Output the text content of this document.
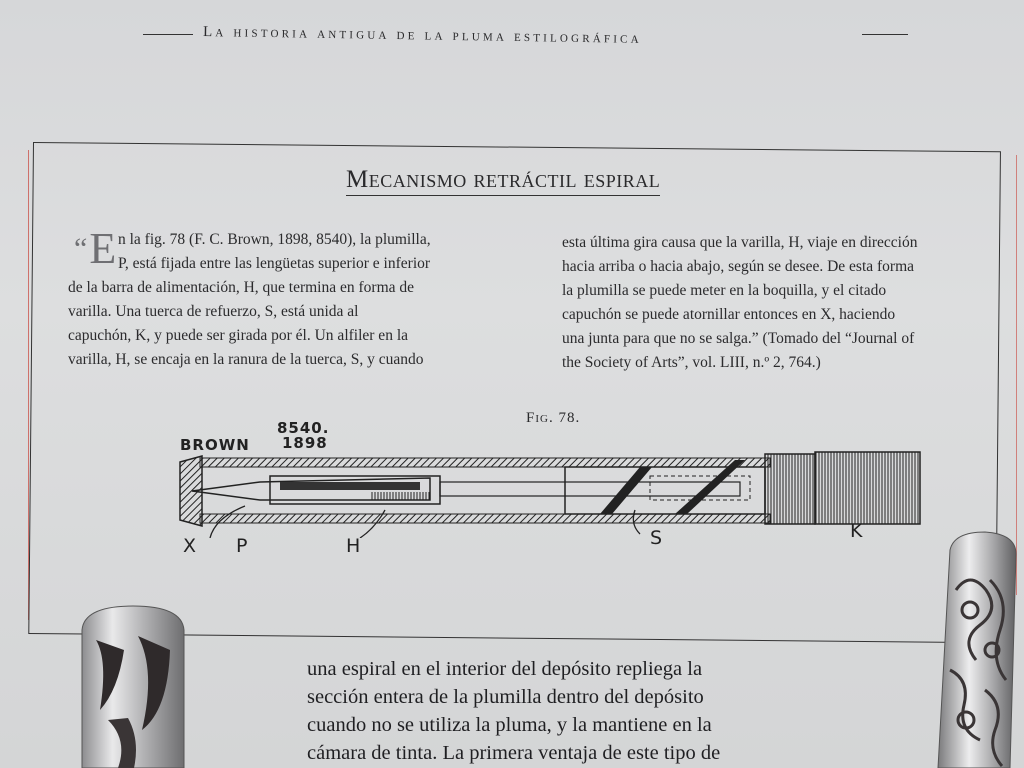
La historia antigua de la pluma estilográfica
Mecanismo retráctil espiral
“E n la fig. 78 (F. C. Brown, 1898, 8540), la plumilla,

P, está fijada entre las lengüetas superior e inferior

de la barra de alimentación, H, que termina en forma de

varilla. Una tuerca de refuerzo, S, está unida al

capuchón, K, y puede ser girada por él. Un alfiler en la

varilla, H, se encaja en la ranura de la tuerca, S, y cuando

esta última gira causa que la varilla, H, viaje en dirección

hacia arriba o hacia abajo, según se desee. De esta forma

la plumilla se puede meter en la boquilla, y el citado

capuchón se puede atornillar entonces en X, haciendo

una junta para que no se salga.” (Tomado del “Journal of

the Society of Arts”, vol. LIII, n.º 2, 764.)

Fig. 78.
8540.
BROWN 1898
X P	H	S	K

una espiral en el interior del depósito repliega la

sección entera de la plumilla dentro del depósito

cuando no se utiliza la pluma, y la mantiene en la

cámara de tinta. La primera ventaja de este tipo de
